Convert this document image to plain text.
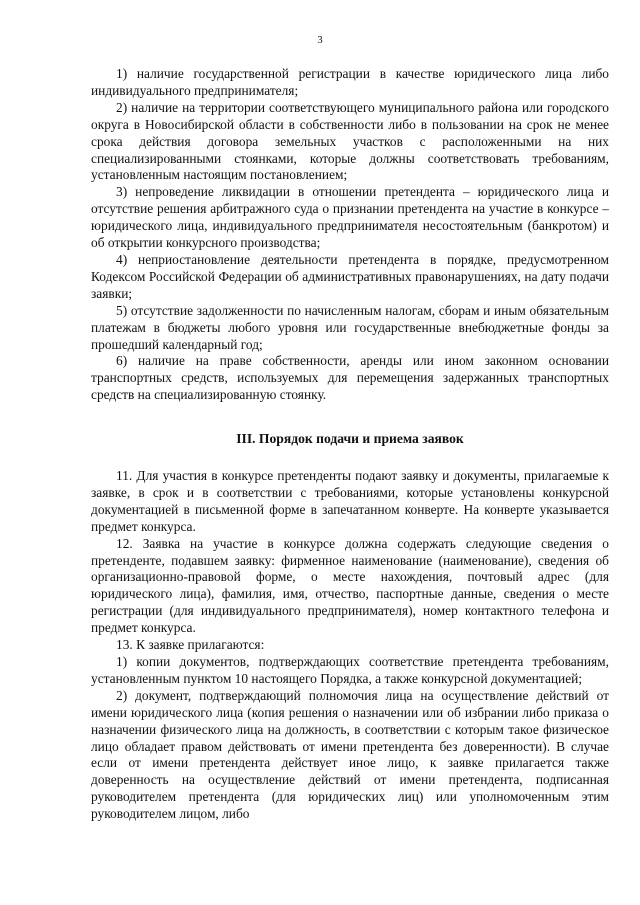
3

1) наличие государственной регистрации в качестве юридического лица либо индивидуального предпринимателя;

2) наличие на территории соответствующего муниципального района или городского округа в Новосибирской области в собственности либо в пользовании на срок не менее срока действия договора земельных участков с расположенными на них специализированными стоянками, которые должны соответствовать требованиям, установленным настоящим постановлением;

3) непроведение ликвидации в отношении претендента – юридического лица и отсутствие решения арбитражного суда о признании претендента на участие в конкурсе – юридического лица, индивидуального предпринимателя несостоятельным (банкротом) и об открытии конкурсного производства;

4) неприостановление деятельности претендента в порядке, предусмотренном Кодексом Российской Федерации об административных правонарушениях, на дату подачи заявки;

5) отсутствие задолженности по начисленным налогам, сборам и иным обязательным платежам в бюджеты любого уровня или государственные внебюджетные фонды за прошедший календарный год;

6) наличие на праве собственности, аренды или ином законном основании транспортных средств, используемых для перемещения задержанных транспортных средств на специализированную стоянку.

III. Порядок подачи и приема заявок

11. Для участия в конкурсе претенденты подают заявку и документы, прилагаемые к заявке, в срок и в соответствии с требованиями, которые установлены конкурсной документацией в письменной форме в запечатанном конверте. На конверте указывается предмет конкурса.

12. Заявка на участие в конкурсе должна содержать следующие сведения о претенденте, подавшем заявку: фирменное наименование (наименование), сведения об организационно-правовой форме, о месте нахождения, почтовый адрес (для юридического лица), фамилия, имя, отчество, паспортные данные, сведения о месте регистрации (для индивидуального предпринимателя), номер контактного телефона и предмет конкурса.

13. К заявке прилагаются:

1) копии документов, подтверждающих соответствие претендента требованиям, установленным пунктом 10 настоящего Порядка, а также конкурсной документацией;

2) документ, подтверждающий полномочия лица на осуществление действий от имени юридического лица (копия решения о назначении или об избрании либо приказа о назначении физического лица на должность, в соответствии с которым такое физическое лицо обладает правом действовать от имени претендента без доверенности). В случае если от имени претендента действует иное лицо, к заявке прилагается также доверенность на осуществление действий от имени претендента, подписанная руководителем претендента (для юридических лиц) или уполномоченным этим руководителем лицом, либо
